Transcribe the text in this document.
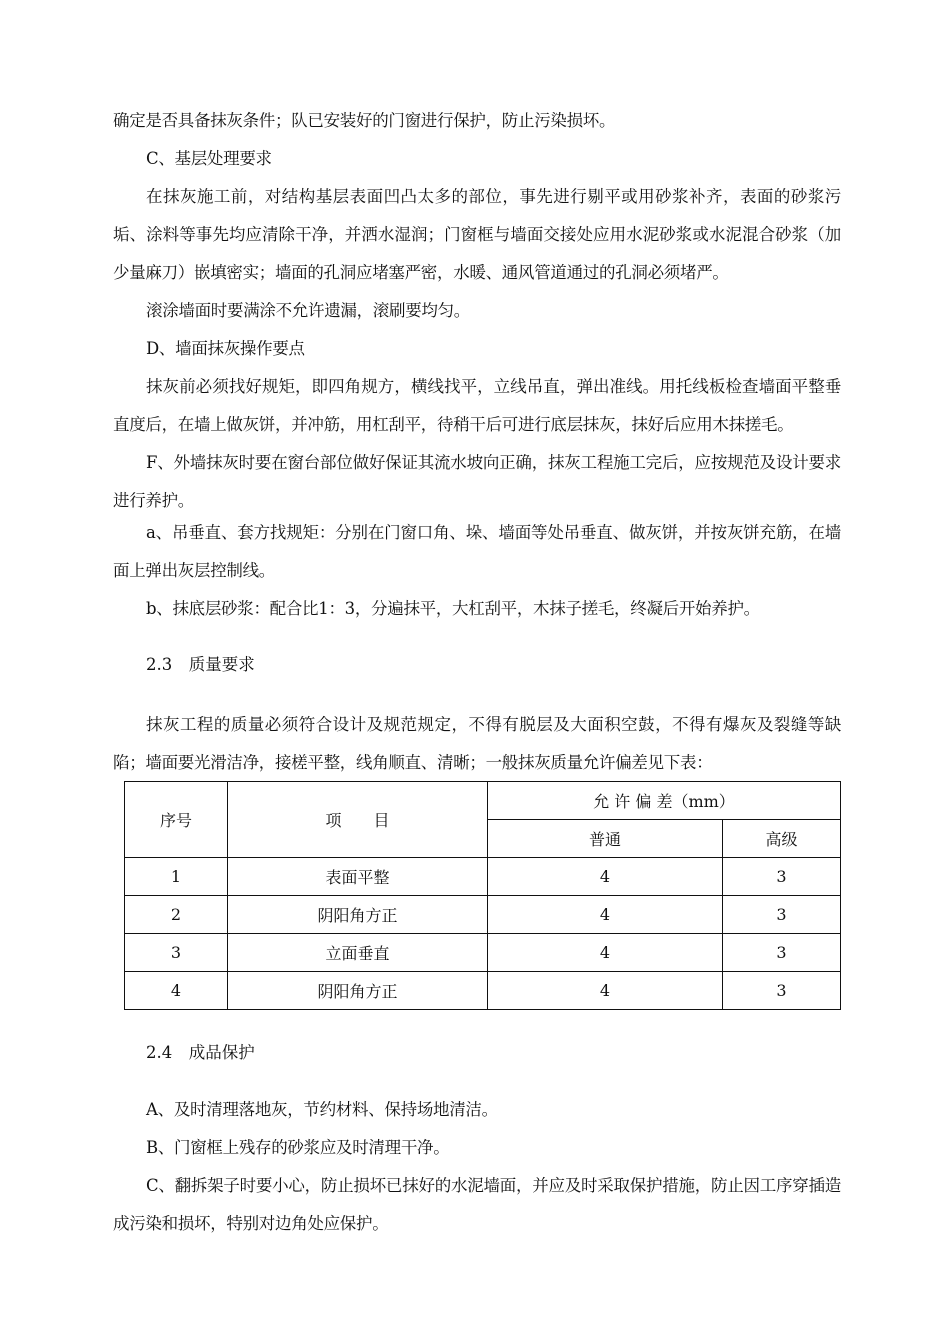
确定是否具备抹灰条件；队已安装好的门窗进行保护，防止污染损坏。

C、基层处理要求

在抹灰施工前，对结构基层表面凹凸太多的部位，事先进行剔平或用砂浆补齐，表面的砂浆污垢、涂料等事先均应清除干净，并洒水湿润；门窗框与墙面交接处应用水泥砂浆或水泥混合砂浆（加少量麻刀）嵌填密实；墙面的孔洞应堵塞严密，水暖、通风管道通过的孔洞必须堵严。

滚涂墙面时要满涂不允许遗漏，滚刷要均匀。

D、墙面抹灰操作要点

抹灰前必须找好规矩，即四角规方，横线找平，立线吊直，弹出准线。用托线板检查墙面平整垂直度后，在墙上做灰饼，并冲筋，用杠刮平，待稍干后可进行底层抹灰，抹好后应用木抹搓毛。

F、外墙抹灰时要在窗台部位做好保证其流水坡向正确，抹灰工程施工完后，应按规范及设计要求进行养护。

a、吊垂直、套方找规矩：分别在门窗口角、垛、墙面等处吊垂直、做灰饼，并按灰饼充筋，在墙面上弹出灰层控制线。

b、抹底层砂浆：配合比1：3，分遍抹平，大杠刮平，木抹子搓毛，终凝后开始养护。

2.3　质量要求

抹灰工程的质量必须符合设计及规范规定，不得有脱层及大面积空鼓，不得有爆灰及裂缝等缺陷；墙面要光滑洁净，接槎平整，线角顺直、清晰；一般抹灰质量允许偏差见下表：

序号	项　　目	允 许 偏 差（mm）	
		普通	高级
1	表面平整	4	3
2	阴阳角方正	4	3
3	立面垂直	4	3
4	阴阳角方正	4	3

2.4　成品保护

A、及时清理落地灰，节约材料、保持场地清洁。

B、门窗框上残存的砂浆应及时清理干净。

C、翻拆架子时要小心，防止损坏已抹好的水泥墙面，并应及时采取保护措施，防止因工序穿插造成污染和损坏，特别对边角处应保护。
